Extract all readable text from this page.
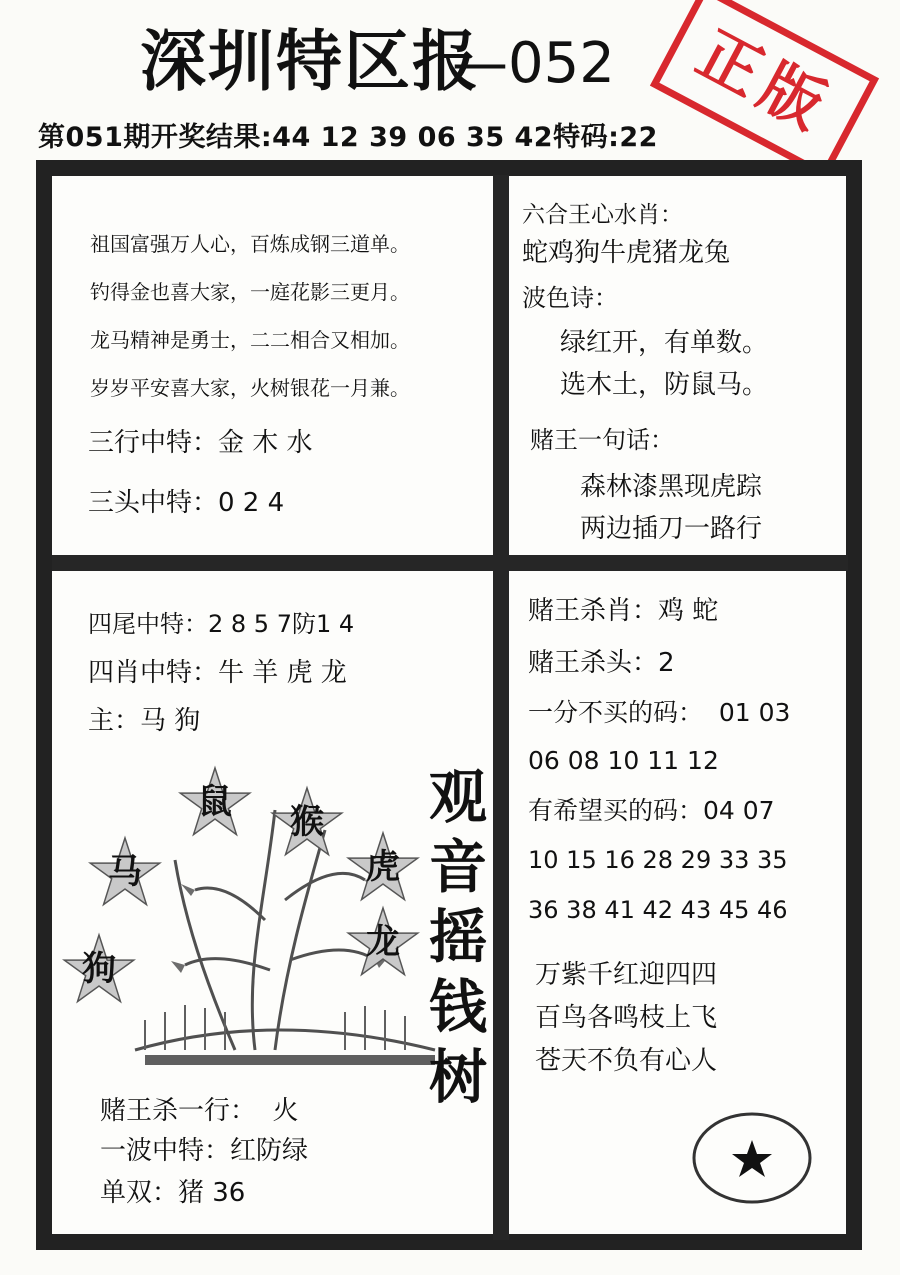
深圳特区报
—052
第051期开奖结果:44 12 39 06 35 42特码:22 正版
祖国富强万人心，百炼成钢三道单。
钓得金也喜大家，一庭花影三更月。
龙马精神是勇士，二二相合又相加。
岁岁平安喜大家，火树银花一月兼。
三行中特：金 木 水
三头中特：0 2 4
六合王心水肖：
蛇鸡狗牛虎猪龙兔
波色诗：
绿红开，有单数。
选木土，防鼠马。
赌王一句话：
森林漆黑现虎踪
两边插刀一路行
四尾中特：2 8 5 7防1 4
四肖中特：牛 羊 虎 龙
主：马 狗
鼠	猴
马	虎
龙
狗
观音摇钱树
赌王杀一行：  火
一波中特：红防绿
单双：猪 36
赌王杀肖：鸡 蛇
赌王杀头：2
一分不买的码：  01 03
06 08 10 11 12
有希望买的码：04 07
10 15 16 28 29 33 35
36 38 41 42 43 45 46
万紫千红迎四四
百鸟各鸣枝上飞
苍天不负有心人
